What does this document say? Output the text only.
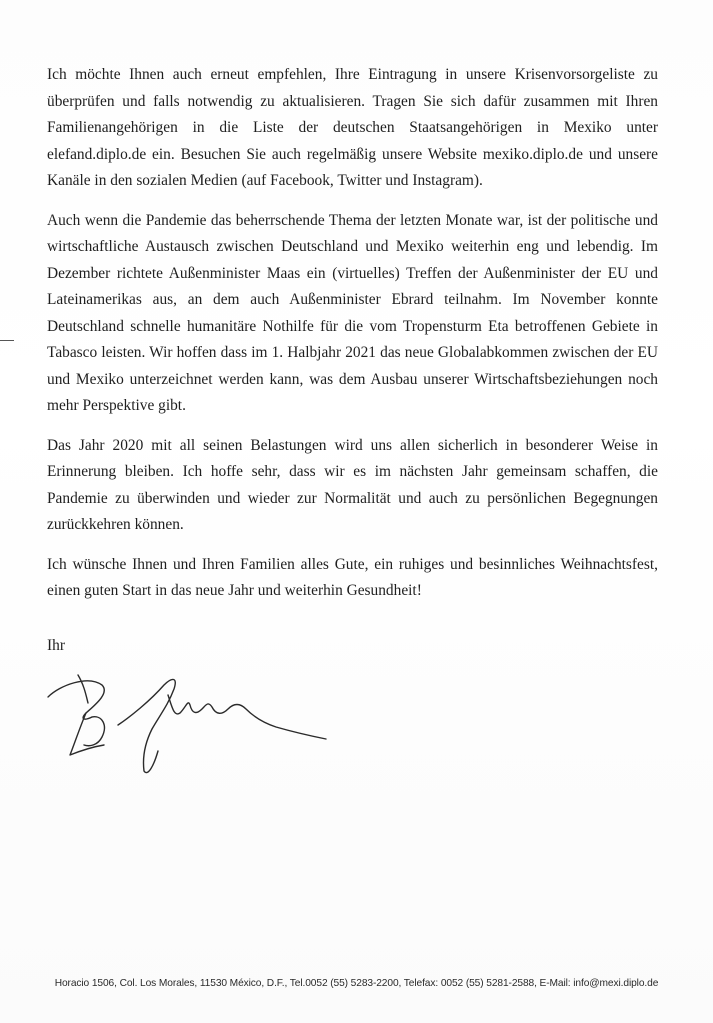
Ich möchte Ihnen auch erneut empfehlen, Ihre Eintragung in unsere Krisenvorsorgeliste zu überprüfen und falls notwendig zu aktualisieren. Tragen Sie sich dafür zusammen mit Ihren Familienangehörigen in die Liste der deutschen Staatsangehörigen in Mexiko unter elefand.diplo.de ein. Besuchen Sie auch regelmäßig unsere Website mexiko.diplo.de und unsere Kanäle in den sozialen Medien (auf Facebook, Twitter und Instagram).

Auch wenn die Pandemie das beherrschende Thema der letzten Monate war, ist der politische und wirtschaftliche Austausch zwischen Deutschland und Mexiko weiterhin eng und lebendig. Im Dezember richtete Außenminister Maas ein (virtuelles) Treffen der Außenminister der EU und Lateinamerikas aus, an dem auch Außenminister Ebrard teilnahm. Im November konnte Deutschland schnelle humanitäre Nothilfe für die vom Tropensturm Eta betroffenen Gebiete in Tabasco leisten. Wir hoffen dass im 1. Halbjahr 2021 das neue Globalabkommen zwischen der EU und Mexiko unterzeichnet werden kann, was dem Ausbau unserer Wirtschaftsbeziehungen noch mehr Perspektive gibt.

Das Jahr 2020 mit all seinen Belastungen wird uns allen sicherlich in besonderer Weise in Erinnerung bleiben. Ich hoffe sehr, dass wir es im nächsten Jahr gemeinsam schaffen, die Pandemie zu überwinden und wieder zur Normalität und auch zu persönlichen Begegnungen zurückkehren können.

Ich wünsche Ihnen und Ihren Familien alles Gute, ein ruhiges und besinnliches Weihnachtsfest, einen guten Start in das neue Jahr und weiterhin Gesundheit!

Ihr
Horacio 1506, Col. Los Morales, 11530 México, D.F., Tel.0052 (55) 5283-2200, Telefax: 0052 (55) 5281-2588, E-Mail: info@mexi.diplo.de
